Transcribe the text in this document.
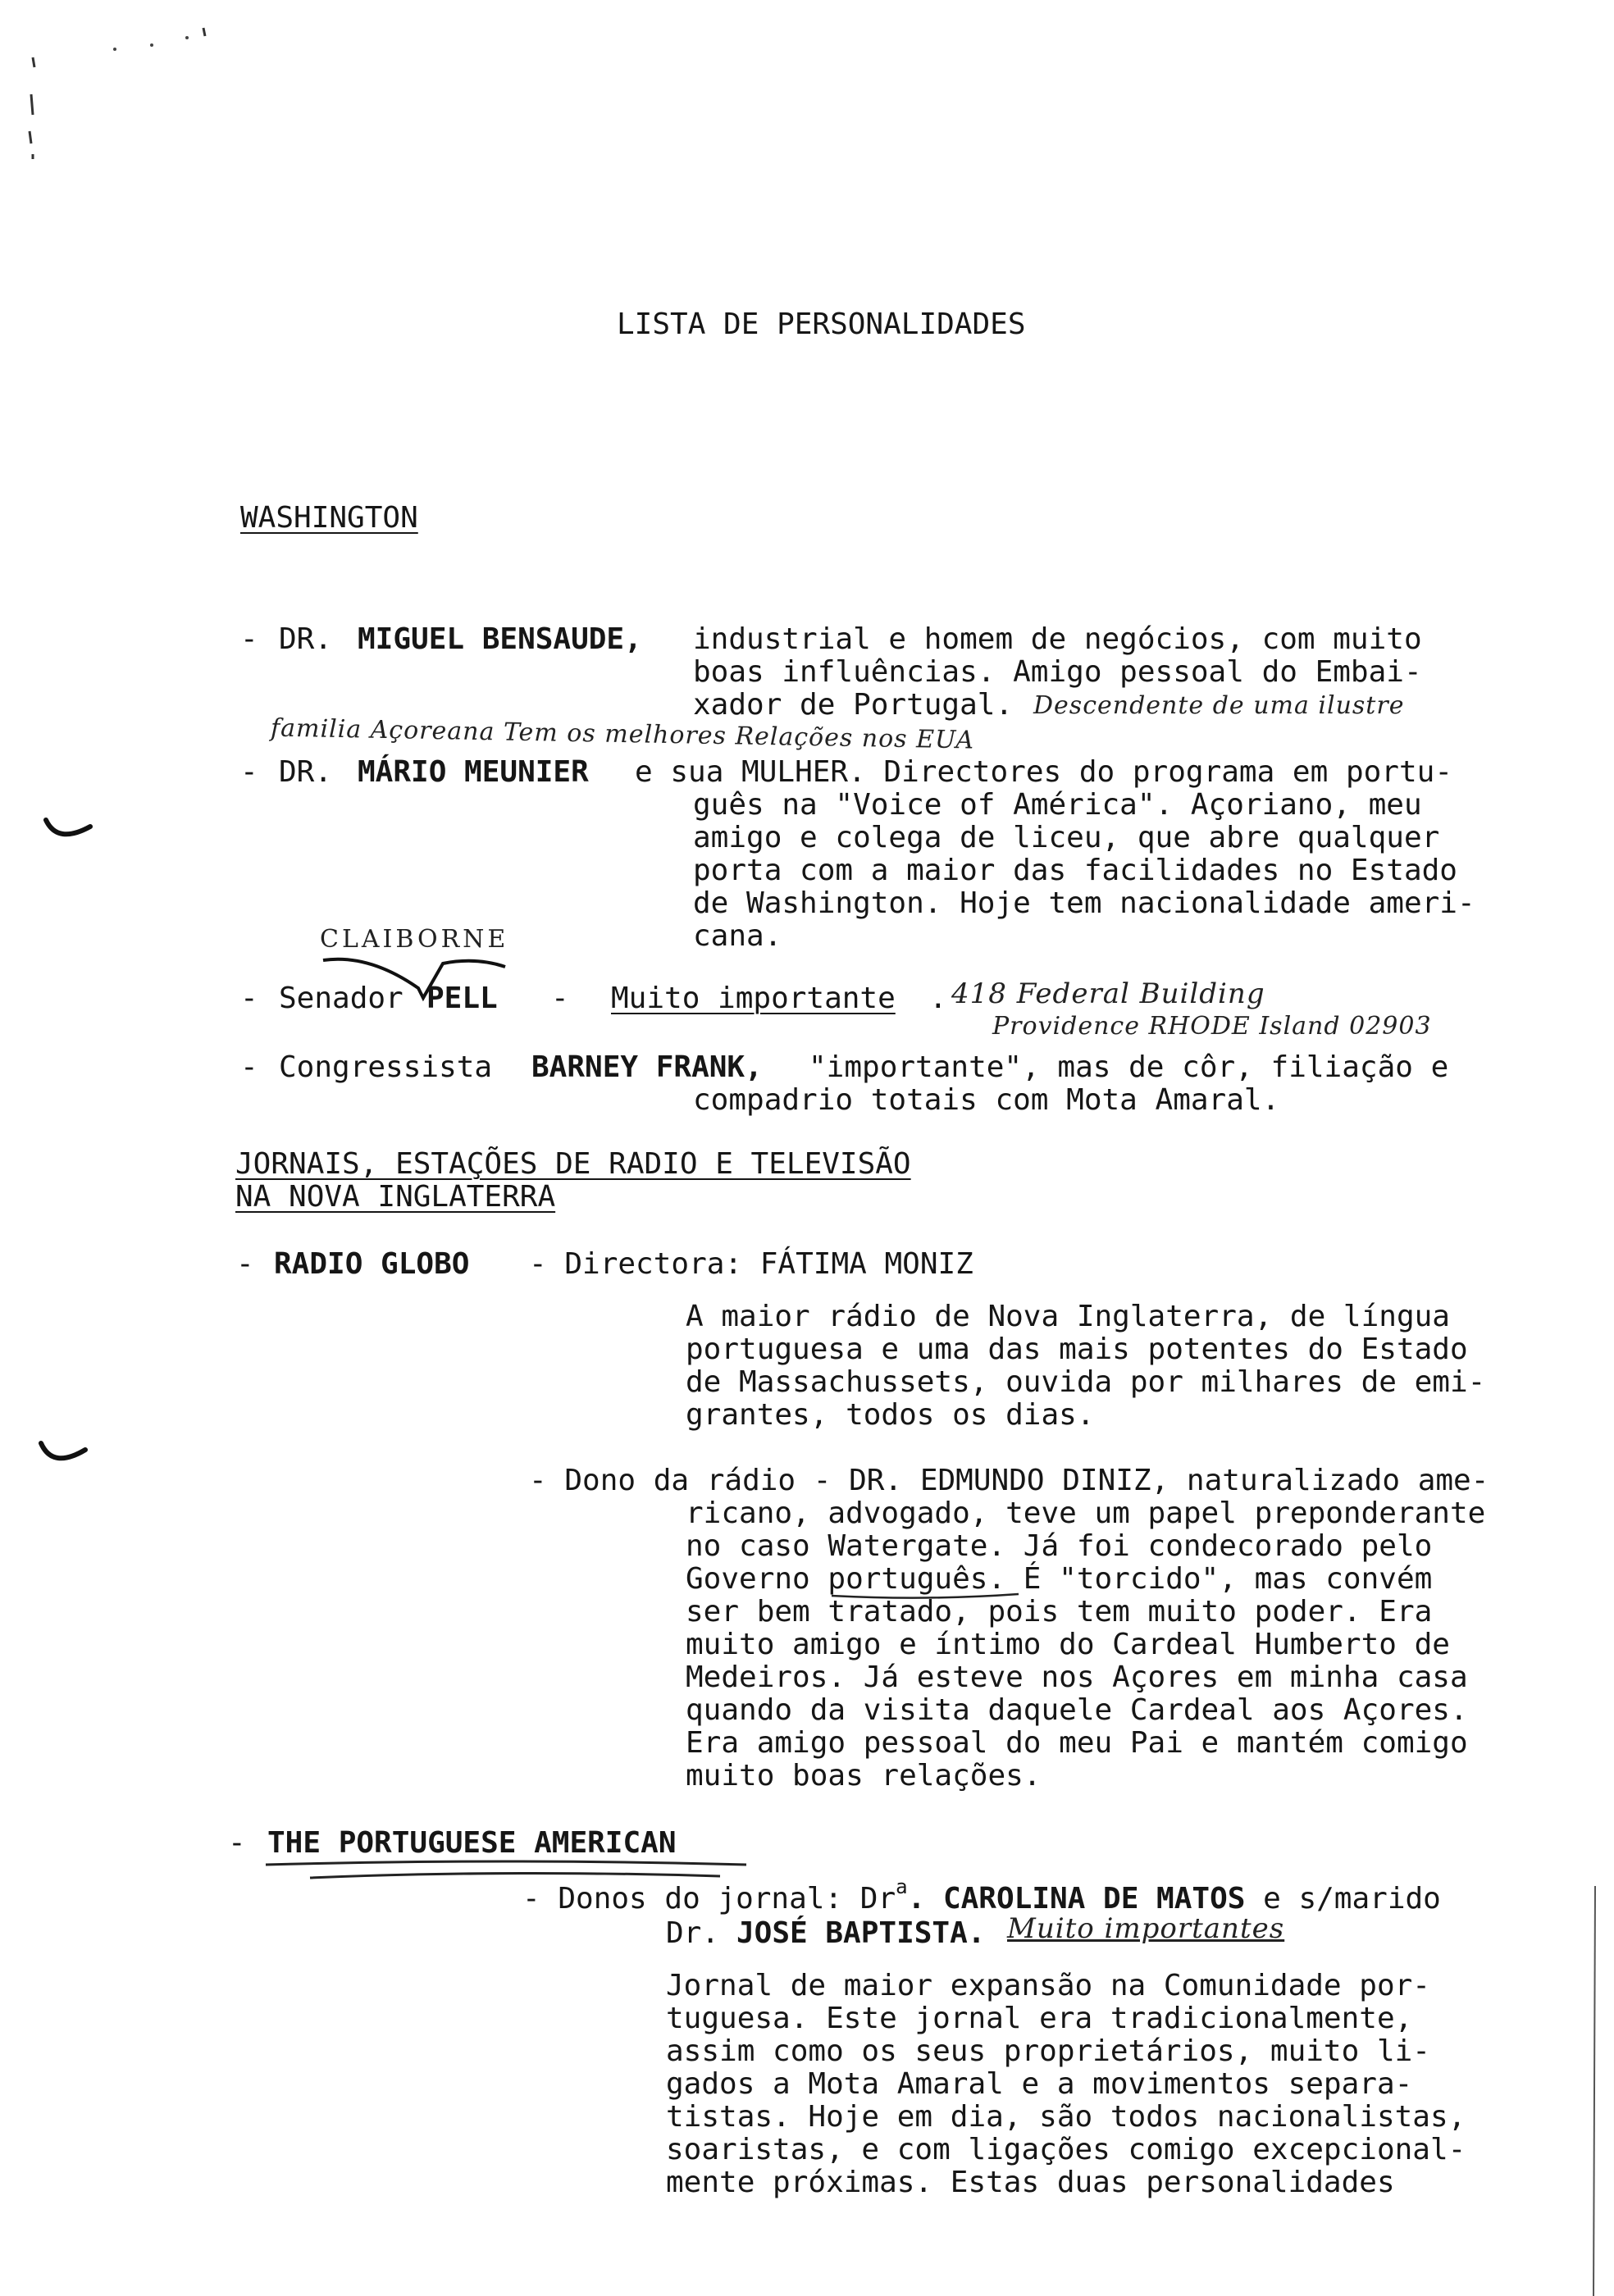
LISTA DE PERSONALIDADES
WASHINGTON
- DR. MIGUEL BENSAUDE, industrial e homem de negócios, com muito
boas influências. Amigo pessoal do Embai-
xador de Portugal. Descendente de uma ilustre
familia Açoreana Tem os melhores Relações nos EUA
- DR. MÁRIO MEUNIER e sua MULHER. Directores do programa em portu-
guês na "Voice of América". Açoriano, meu
amigo e colega de liceu, que abre qualquer
porta com a maior das facilidades no Estado
de Washington. Hoje tem nacionalidade ameri-
cana.
CLAIBORNE
- Senador PELL - Muito importante . 418 Federal Building
Providence RHODE Island 02903
- Congressista BARNEY FRANK, "importante", mas de côr, filiação e
compadrio totais com Mota Amaral.
JORNAIS, ESTAÇÕES DE RADIO E TELEVISÃO
NA NOVA INGLATERRA
- RADIO GLOBO - Directora: FÁTIMA MONIZ
A maior rádio de Nova Inglaterra, de língua
portuguesa e uma das mais potentes do Estado
de Massachussets, ouvida por milhares de emi-
grantes, todos os dias.
- Dono da rádio - DR. EDMUNDO DINIZ, naturalizado ame-
ricano, advogado, teve um papel preponderante
no caso Watergate. Já foi condecorado pelo
Governo português. É "torcido", mas convém
ser bem tratado, pois tem muito poder. Era
muito amigo e íntimo do Cardeal Humberto de
Medeiros. Já esteve nos Açores em minha casa
quando da visita daquele Cardeal aos Açores.
Era amigo pessoal do meu Pai e mantém comigo
muito boas relações.
- THE PORTUGUESE AMERICAN
- Donos do jornal: Dr$^a$. CAROLINA DE MATOS e s/marido
Dr. JOSÉ BAPTISTA. Muito importantes
Jornal de maior expansão na Comunidade por-
tuguesa. Este jornal era tradicionalmente,
assim como os seus proprietários, muito li-
gados a Mota Amaral e a movimentos separa-
tistas. Hoje em dia, são todos nacionalistas,
soaristas, e com ligações comigo excepcional-
mente próximas. Estas duas personalidades
